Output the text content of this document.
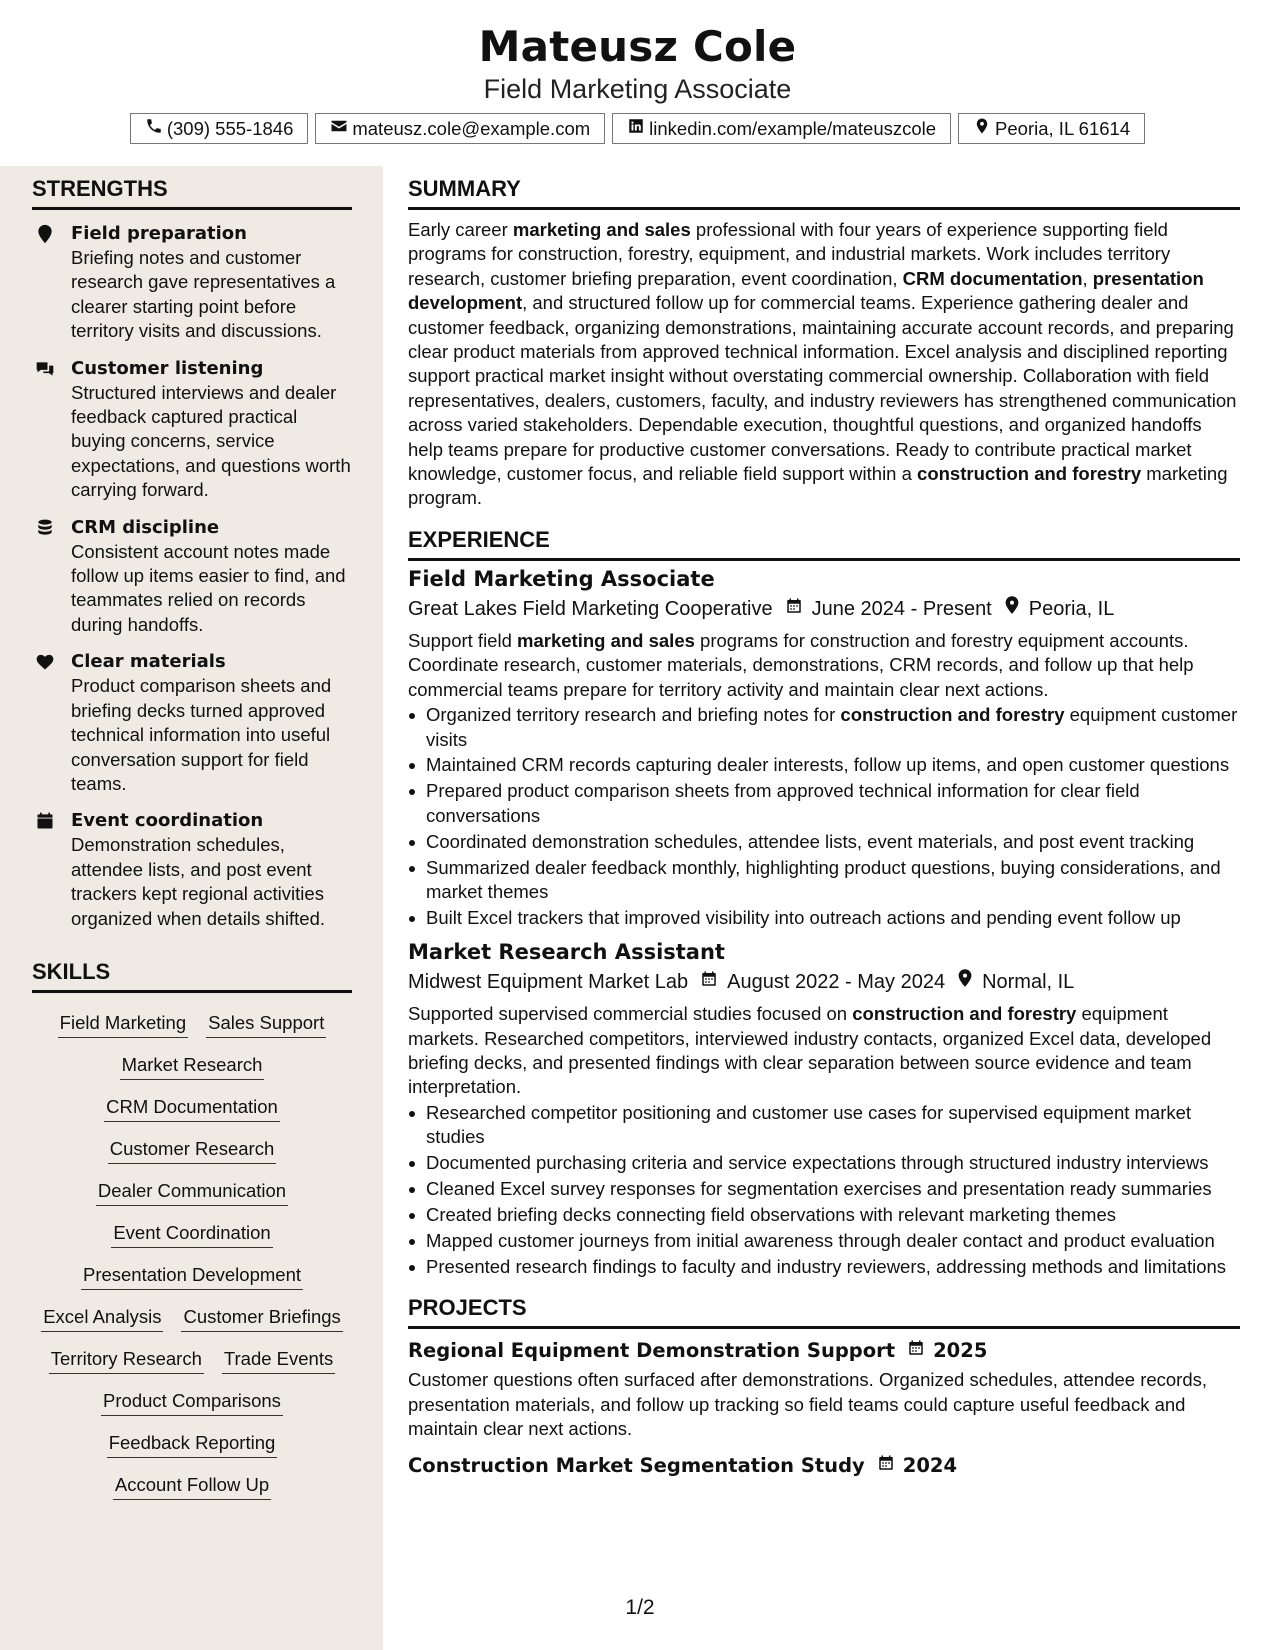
Mateusz Cole
Field Marketing Associate
(309) 555-1846	mateusz.cole@example.com	linkedin.com/example/mateuszcole	Peoria, IL 61614
STRENGTHS
Field preparation
Briefing notes and customer research gave representatives a clearer starting point before territory visits and discussions.
Customer listening
Structured interviews and dealer feedback captured practical buying concerns, service expectations, and questions worth carrying forward.
CRM discipline
Consistent account notes made follow up items easier to find, and teammates relied on records during handoffs.
Clear materials
Product comparison sheets and briefing decks turned approved technical information into useful conversation support for field teams.
Event coordination
Demonstration schedules, attendee lists, and post event trackers kept regional activities organized when details shifted.
SKILLS
Field Marketing Sales Support
Market Research
CRM Documentation
Customer Research
Dealer Communication
Event Coordination
Presentation Development
Excel Analysis Customer Briefings
Territory Research Trade Events
Product Comparisons
Feedback Reporting
Account Follow Up
SUMMARY
Early career marketing and sales professional with four years of experience supporting field programs for construction, forestry, equipment, and industrial markets. Work includes territory research, customer briefing preparation, event coordination, CRM documentation, presentation development, and structured follow up for commercial teams. Experience gathering dealer and customer feedback, organizing demonstrations, maintaining accurate account records, and preparing clear product materials from approved technical information. Excel analysis and disciplined reporting support practical market insight without overstating commercial ownership. Collaboration with field representatives, dealers, customers, faculty, and industry reviewers has strengthened communication across varied stakeholders. Dependable execution, thoughtful questions, and organized handoffs help teams prepare for productive customer conversations. Ready to contribute practical market knowledge, customer focus, and reliable field support within a construction and forestry marketing program.
EXPERIENCE
Field Marketing Associate
Great Lakes Field Marketing Cooperative June 2024 - Present Peoria, IL
Support field marketing and sales programs for construction and forestry equipment accounts. Coordinate research, customer materials, demonstrations, CRM records, and follow up that help commercial teams prepare for territory activity and maintain clear next actions.
Organized territory research and briefing notes for construction and forestry equipment customer visits
Maintained CRM records capturing dealer interests, follow up items, and open customer questions
Prepared product comparison sheets from approved technical information for clear field conversations
Coordinated demonstration schedules, attendee lists, event materials, and post event tracking
Summarized dealer feedback monthly, highlighting product questions, buying considerations, and market themes
Built Excel trackers that improved visibility into outreach actions and pending event follow up
Market Research Assistant
Midwest Equipment Market Lab August 2022 - May 2024 Normal, IL
Supported supervised commercial studies focused on construction and forestry equipment markets. Researched competitors, interviewed industry contacts, organized Excel data, developed briefing decks, and presented findings with clear separation between source evidence and team interpretation.
Researched competitor positioning and customer use cases for supervised equipment market studies
Documented purchasing criteria and service expectations through structured industry interviews
Cleaned Excel survey responses for segmentation exercises and presentation ready summaries
Created briefing decks connecting field observations with relevant marketing themes
Mapped customer journeys from initial awareness through dealer contact and product evaluation
Presented research findings to faculty and industry reviewers, addressing methods and limitations
PROJECTS
Regional Equipment Demonstration Support 2025
Customer questions often surfaced after demonstrations. Organized schedules, attendee records, presentation materials, and follow up tracking so field teams could capture useful feedback and maintain clear next actions.
Construction Market Segmentation Study 2024
1/2
